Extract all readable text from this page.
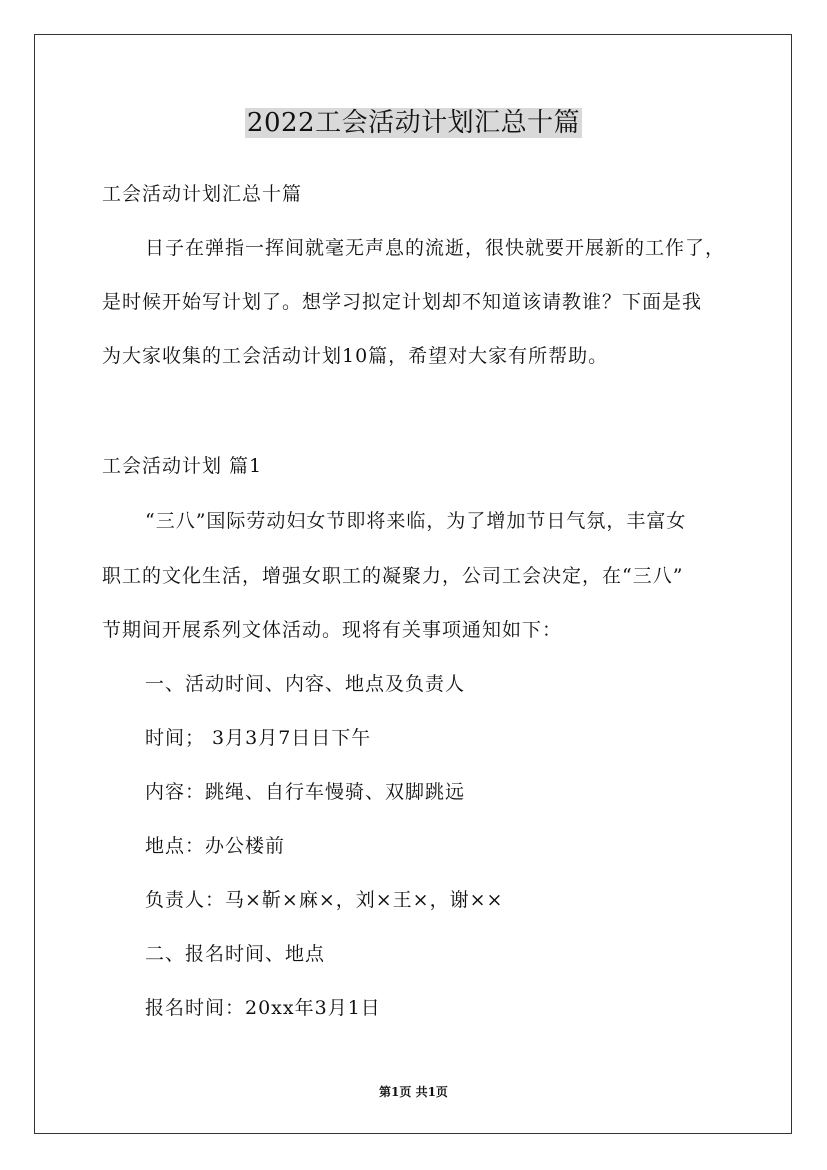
2022工会活动计划汇总十篇
工会活动计划汇总十篇
日子在弹指一挥间就毫无声息的流逝，很快就要开展新的工作了，
是时候开始写计划了。想学习拟定计划却不知道该请教谁？下面是我
为大家收集的工会活动计划10篇，希望对大家有所帮助。
工会活动计划 篇1
“三八”国际劳动妇女节即将来临，为了增加节日气氛，丰富女
职工的文化生活，增强女职工的凝聚力，公司工会决定，在“三八”
节期间开展系列文体活动。现将有关事项通知如下：
一、活动时间、内容、地点及负责人
时间； 3月3月7日日下午
内容：跳绳、自行车慢骑、双脚跳远
地点：办公楼前
负责人：马×靳×麻×，刘×王×，谢××
二、报名时间、地点
报名时间：20xx年3月1日
第1页 共1页
